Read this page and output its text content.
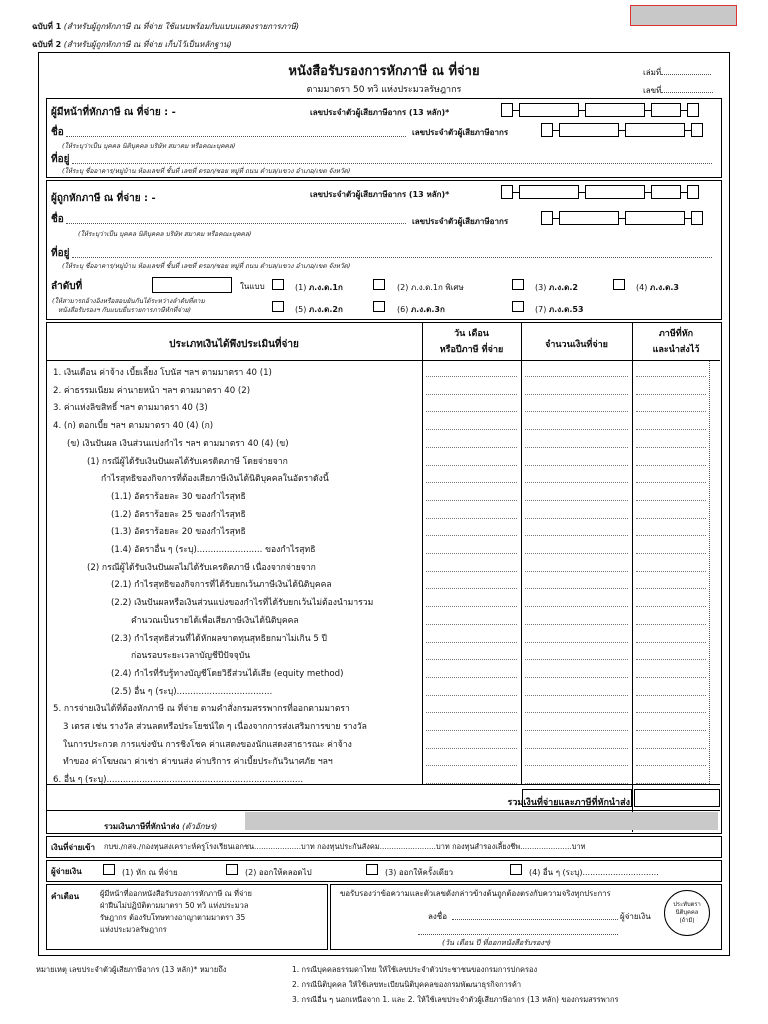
ฉบับที่ 1 (สำหรับผู้ถูกหักภาษี ณ ที่จ่าย ใช้แนบพร้อมกับแบบแสดงรายการภาษี)
ฉบับที่ 2 (สำหรับผู้ถูกหักภาษี ณ ที่จ่าย เก็บไว้เป็นหลักฐาน)
หนังสือรับรองการหักภาษี ณ ที่จ่าย
ตามมาตรา 50 ทวิ แห่งประมวลรัษฎากร
เล่มที่
เลขที่
ผู้มีหน้าที่หักภาษี ณ ที่จ่าย : -	เลขประจำตัวผู้เสียภาษีอากร (13 หลัก)*
ชื่อ	เลขประจำตัวผู้เสียภาษีอากร
(ให้ระบุว่าเป็น บุคคล นิติบุคคล บริษัท สมาคม หรือคณะบุคคล)
ที่อยู่
(ให้ระบุ ชื่ออาคาร/หมู่บ้าน ห้องเลขที่ ชั้นที่ เลขที่ ตรอก/ซอย หมู่ที่ ถนน ตำบล/แขวง อำเภอ/เขต จังหวัด)
ผู้ถูกหักภาษี ณ ที่จ่าย : -	เลขประจำตัวผู้เสียภาษีอากร (13 หลัก)*
ชื่อ	เลขประจำตัวผู้เสียภาษีอากร
(ให้ระบุว่าเป็น บุคคล นิติบุคคล บริษัท สมาคม หรือคณะบุคคล)
ที่อยู่
(ให้ระบุ ชื่ออาคาร/หมู่บ้าน ห้องเลขที่ ชั้นที่ เลขที่ ตรอก/ซอย หมู่ที่ ถนน ตำบล/แขวง อำเภอ/เขต จังหวัด)
ลำดับที่	ในแบบ
(ให้สามารถอ้างอิงหรือสอบยันกันได้ระหว่างลำดับที่ตาม
หนังสือรับรองฯ กับแบบยื่นรายการภาษีหักที่จ่าย)
(1) ภ.ง.ด.1ก	(2) ภ.ง.ด.1ก พิเศษ	(3) ภ.ง.ด.2	(4) ภ.ง.ด.3
(5) ภ.ง.ด.2ก	(6) ภ.ง.ด.3ก	(7) ภ.ง.ด.53
ประเภทเงินได้พึงประเมินที่จ่าย
วัน เดือน
หรือปีภาษี ที่จ่าย	จำนวนเงินที่จ่าย
ภาษีที่หัก
และนำส่งไว้
1. เงินเดือน ค่าจ้าง เบี้ยเลี้ยง โบนัส ฯลฯ ตามมาตรา 40 (1)
2. ค่าธรรมเนียม ค่านายหน้า ฯลฯ ตามมาตรา 40 (2)
3. ค่าแห่งลิขสิทธิ์ ฯลฯ ตามมาตรา 40 (3)
4. (ก) ดอกเบี้ย ฯลฯ ตามมาตรา 40 (4) (ก)
(ข) เงินปันผล เงินส่วนแบ่งกำไร ฯลฯ ตามมาตรา 40 (4) (ข)
(1) กรณีผู้ได้รับเงินปันผลได้รับเครดิตภาษี โดยจ่ายจาก
กำไรสุทธิของกิจการที่ต้องเสียภาษีเงินได้นิติบุคคลในอัตราดังนี้
(1.1) อัตราร้อยละ 30 ของกำไรสุทธิ
(1.2) อัตราร้อยละ 25 ของกำไรสุทธิ
(1.3) อัตราร้อยละ 20 ของกำไรสุทธิ
(1.4) อัตราอื่น ๆ (ระบุ)........................ ของกำไรสุทธิ
(2) กรณีผู้ได้รับเงินปันผลไม่ได้รับเครดิตภาษี เนื่องจากจ่ายจาก
(2.1) กำไรสุทธิของกิจการที่ได้รับยกเว้นภาษีเงินได้นิติบุคคล
(2.2) เงินปันผลหรือเงินส่วนแบ่งของกำไรที่ได้รับยกเว้นไม่ต้องนำมารวม
คำนวณเป็นรายได้เพื่อเสียภาษีเงินได้นิติบุคคล
(2.3) กำไรสุทธิส่วนที่ได้หักผลขาดทุนสุทธิยกมาไม่เกิน 5 ปี
ก่อนรอบระยะเวลาบัญชีปีปัจจุบัน
(2.4) กำไรที่รับรู้ทางบัญชีโดยวิธีส่วนได้เสีย (equity method)
(2.5) อื่น ๆ (ระบุ)...................................
5. การจ่ายเงินได้ที่ต้องหักภาษี ณ ที่จ่าย ตามคำสั่งกรมสรรพากรที่ออกตามมาตรา
3 เตรส เช่น รางวัล ส่วนลดหรือประโยชน์ใด ๆ เนื่องจากการส่งเสริมการขาย รางวัล
ในการประกวด การแข่งขัน การชิงโชค ค่าแสดงของนักแสดงสาธารณะ ค่าจ้าง
ทำของ ค่าโฆษณา ค่าเช่า ค่าขนส่ง ค่าบริการ ค่าเบี้ยประกันวินาศภัย ฯลฯ
6. อื่น ๆ (ระบุ)........................................................................
รวมเงินที่จ่ายและภาษีที่หักนำส่ง
รวมเงินภาษีที่หักนำส่ง (ตัวอักษร)
เงินที่จ่ายเข้า กบข./กสจ./กองทุนสงเคราะห์ครูโรงเรียนเอกชน....................บาท กองทุนประกันสังคม........................บาท กองทุนสำรองเลี้ยงชีพ......................บาท
ผู้จ่ายเงิน	(1) หัก ณ ที่จ่าย	(2) ออกให้ตลอดไป	(3) ออกให้ครั้งเดียว	(4) อื่น ๆ (ระบุ)..............................
คำเตือน	ผู้มีหน้าที่ออกหนังสือรับรองการหักภาษี ณ ที่จ่าย
ฝ่าฝืนไม่ปฏิบัติตามมาตรา 50 ทวิ แห่งประมวล
รัษฎากร ต้องรับโทษทางอาญาตามมาตรา 35
แห่งประมวลรัษฎากร
ขอรับรองว่าข้อความและตัวเลขดังกล่าวข้างต้นถูกต้องตรงกับความจริงทุกประการ
ลงชื่อ	ผู้จ่ายเงิน
(วัน เดือน ปี ที่ออกหนังสือรับรองฯ)
ประทับตรา
นิติบุคคล
(ถ้ามี)
หมายเหตุ เลขประจำตัวผู้เสียภาษีอากร (13 หลัก)* หมายถึง	1. กรณีบุคคลธรรมดาไทย ให้ใช้เลขประจำตัวประชาชนของกรมการปกครอง
2. กรณีนิติบุคคล ให้ใช้เลขทะเบียนนิติบุคคลของกรมพัฒนาธุรกิจการค้า
3. กรณีอื่น ๆ นอกเหนือจาก 1. และ 2. ให้ใช้เลขประจำตัวผู้เสียภาษีอากร (13 หลัก) ของกรมสรรพากร
